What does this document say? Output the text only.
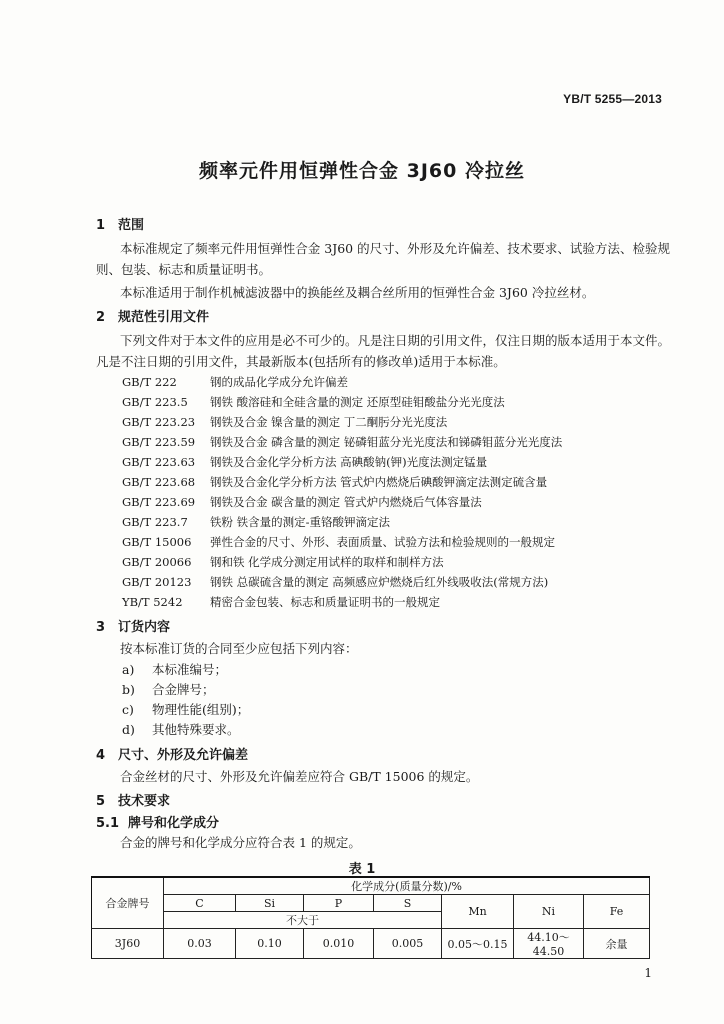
YB/T 5255—2013
频率元件用恒弹性合金 3J60 冷拉丝
1 范围
本标准规定了频率元件用恒弹性合金 3J60 的尺寸、外形及允许偏差、技术要求、试验方法、检验规则、包装、标志和质量证明书。
本标准适用于制作机械滤波器中的换能丝及耦合丝所用的恒弹性合金 3J60 冷拉丝材。
2 规范性引用文件
下列文件对于本文件的应用是必不可少的。凡是注日期的引用文件，仅注日期的版本适用于本文件。凡是不注日期的引用文件，其最新版本(包括所有的修改单)适用于本标准。
GB/T 222	钢的成品化学成分允许偏差
GB/T 223.5 钢铁 酸溶硅和全硅含量的测定 还原型硅钼酸盐分光光度法
GB/T 223.23 钢铁及合金 镍含量的测定 丁二酮肟分光光度法
GB/T 223.59 钢铁及合金 磷含量的测定 铋磷钼蓝分光光度法和锑磷钼蓝分光光度法
GB/T 223.63 钢铁及合金化学分析方法 高碘酸钠(钾)光度法测定锰量
GB/T 223.68 钢铁及合金化学分析方法 管式炉内燃烧后碘酸钾滴定法测定硫含量
GB/T 223.69 钢铁及合金 碳含量的测定 管式炉内燃烧后气体容量法
GB/T 223.7 铁粉 铁含量的测定-重铬酸钾滴定法
GB/T 15006 弹性合金的尺寸、外形、表面质量、试验方法和检验规则的一般规定
GB/T 20066 钢和铁 化学成分测定用试样的取样和制样方法
GB/T 20123 钢铁 总碳硫含量的测定 高频感应炉燃烧后红外线吸收法(常规方法)
YB/T 5242 精密合金包装、标志和质量证明书的一般规定
3 订货内容
按本标准订货的合同至少应包括下列内容：
a) 本标准编号；
b) 合金牌号；
c) 物理性能(组别)；
d) 其他特殊要求。
4 尺寸、外形及允许偏差
合金丝材的尺寸、外形及允许偏差应符合 GB/T 15006 的规定。
5 技术要求
5.1 牌号和化学成分
合金的牌号和化学成分应符合表 1 的规定。
表 1
合金牌号	化学成分(质量分数)/%						
	C	Si	P	S	Mn	Ni	Fe
	不大于						
3J60	0.03	0.10	0.010	0.005	0.05～0.15	44.10～44.50	余量
1
